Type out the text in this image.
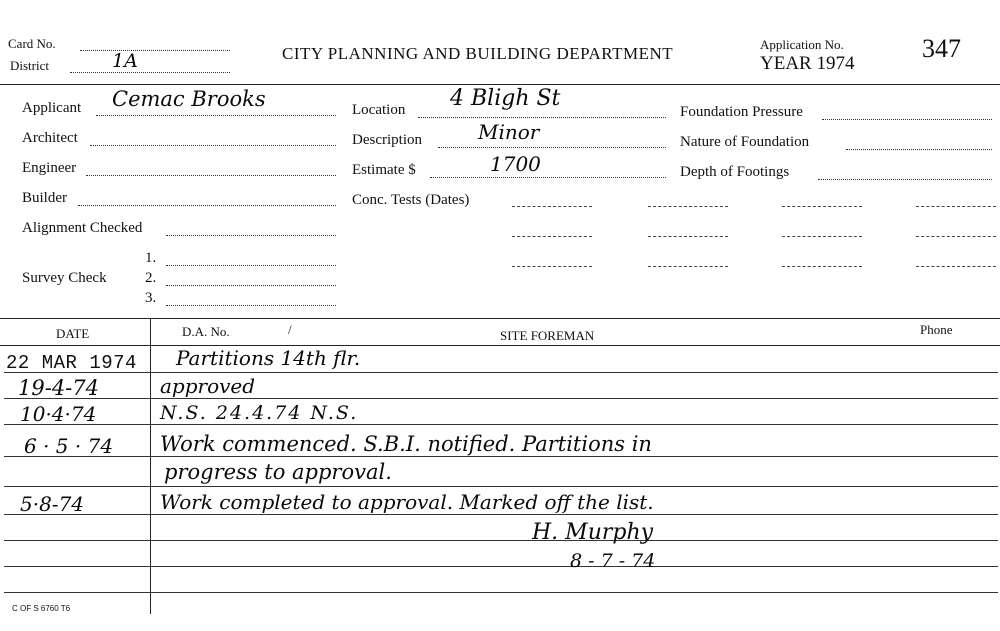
Card No.
District	1A	CITY PLANNING AND BUILDING DEPARTMENT	Application No.
YEAR 1974
347
Applicant Cemac Brooks
Architect
Engineer
Builder
Alignment Checked
Survey Check
1.
2.
3.
Location 4 Bligh St
Description	Minor
Estimate $	1700
Conc. Tests (Dates)
Foundation Pressure
Nature of Foundation
Depth of Footings
DATE	D.A. No.	/	SITE FOREMAN	Phone
22 MAR 1974 Partitions 14th flr.
19-4-74	approved
10·4·74	N.S. 24.4.74 N.S.
6 · 5 · 74 Work commenced. S.B.I. notified. Partitions in
progress to approval.
5·8-74	Work completed to approval. Marked off the list.
H. Murphy
8 - 7 - 74
C OF S 6760 T6
